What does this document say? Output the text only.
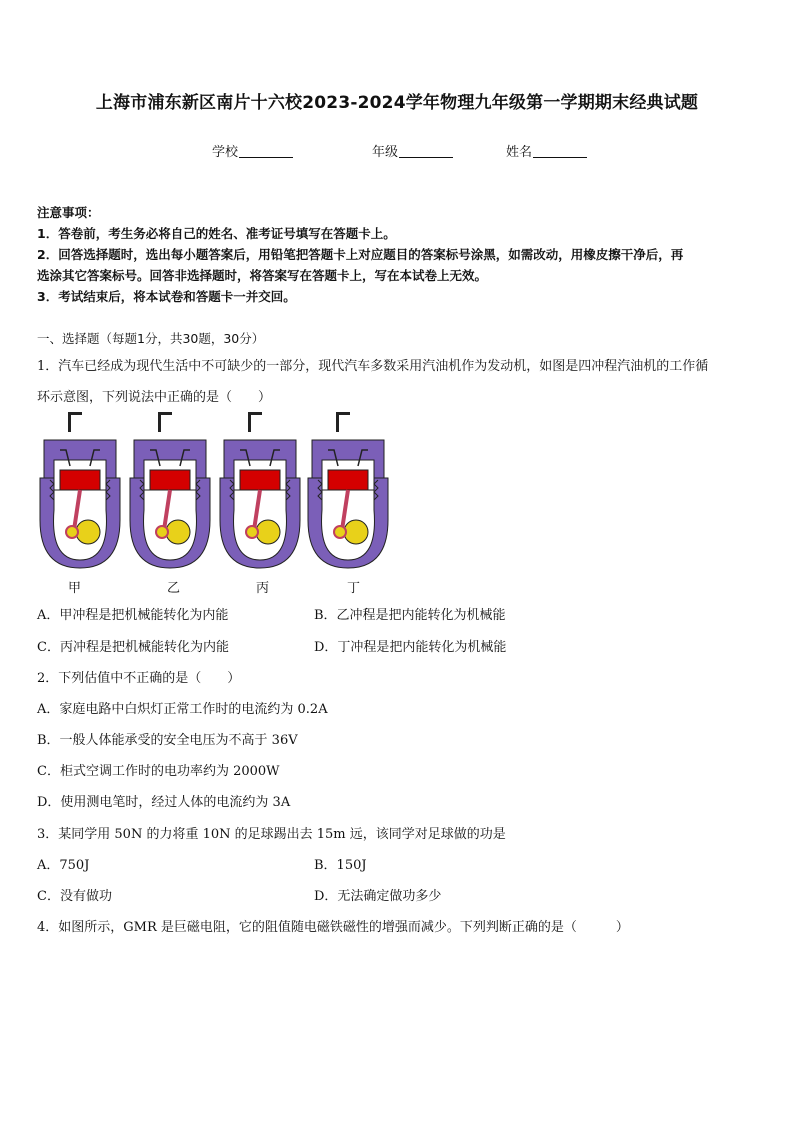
上海市浦东新区南片十六校2023-2024学年物理九年级第一学期期末经典试题
学校	年级	姓名
注意事项：
1．答卷前，考生务必将自己的姓名、准考证号填写在答题卡上。
2．回答选择题时，选出每小题答案后，用铅笔把答题卡上对应题目的答案标号涂黑，如需改动，用橡皮擦干净后，再
选涂其它答案标号。回答非选择题时，将答案写在答题卡上，写在本试卷上无效。
3．考试结束后，将本试卷和答题卡一并交回。
一、选择题（每题1分，共30题，30分）
1．汽车已经成为现代生活中不可缺少的一部分，现代汽车多数采用汽油机作为发动机，如图是四冲程汽油机的工作循
环示意图，下列说法中正确的是（　　）
甲	乙	丙	丁
A．甲冲程是把机械能转化为内能	B．乙冲程是把内能转化为机械能
C．丙冲程是把机械能转化为内能	D．丁冲程是把内能转化为机械能
2．下列估值中不正确的是（　　）
A．家庭电路中白炽灯正常工作时的电流约为 0.2A
B．一般人体能承受的安全电压为不高于 36V
C．柜式空调工作时的电功率约为 2000W
D．使用测电笔时，经过人体的电流约为 3A
3．某同学用 50N 的力将重 10N 的足球踢出去 15m 远，该同学对足球做的功是
A．750J	B．150J
C．没有做功	D．无法确定做功多少
4．如图所示，GMR 是巨磁电阻，它的阻值随电磁铁磁性的增强而减少。下列判断正确的是（　　　）
